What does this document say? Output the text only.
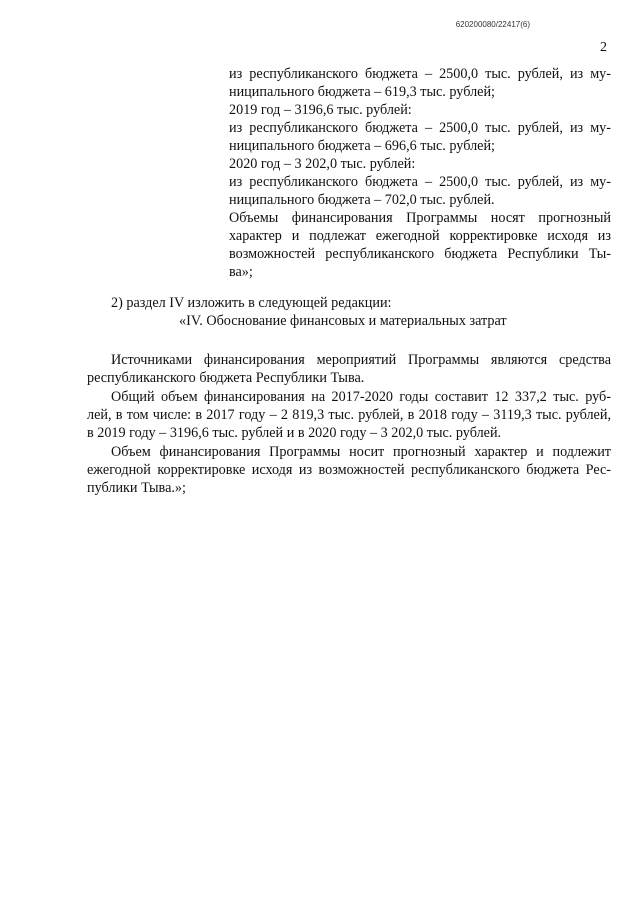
620200080/22417(6)
2
из республиканского бюджета – 2500,0 тыс. рублей, из му-
ниципального бюджета – 619,3 тыс. рублей;
2019 год – 3196,6 тыс. рублей:
из республиканского бюджета – 2500,0 тыс. рублей, из му-
ниципального бюджета – 696,6 тыс. рублей;
2020 год – 3 202,0 тыс. рублей:
из республиканского бюджета – 2500,0 тыс. рублей, из му-
ниципального бюджета – 702,0 тыс. рублей.
Объемы финансирования Программы носят прогнозный
характер и подлежат ежегодной корректировке исходя из
возможностей республиканского бюджета Республики Ты-
ва»;
2) раздел IV изложить в следующей редакции:
«IV. Обоснование финансовых и материальных затрат
Источниками финансирования мероприятий Программы являются средства
республиканского бюджета Республики Тыва.
Общий объем финансирования на 2017-2020 годы составит 12 337,2 тыс. руб-
лей, в том числе: в 2017 году – 2 819,3 тыс. рублей, в 2018 году – 3119,3 тыс. рублей,
в 2019 году – 3196,6 тыс. рублей и в 2020 году – 3 202,0 тыс. рублей.
Объем финансирования Программы носит прогнозный характер и подлежит
ежегодной корректировке исходя из возможностей республиканского бюджета Рес-
публики Тыва.»;
